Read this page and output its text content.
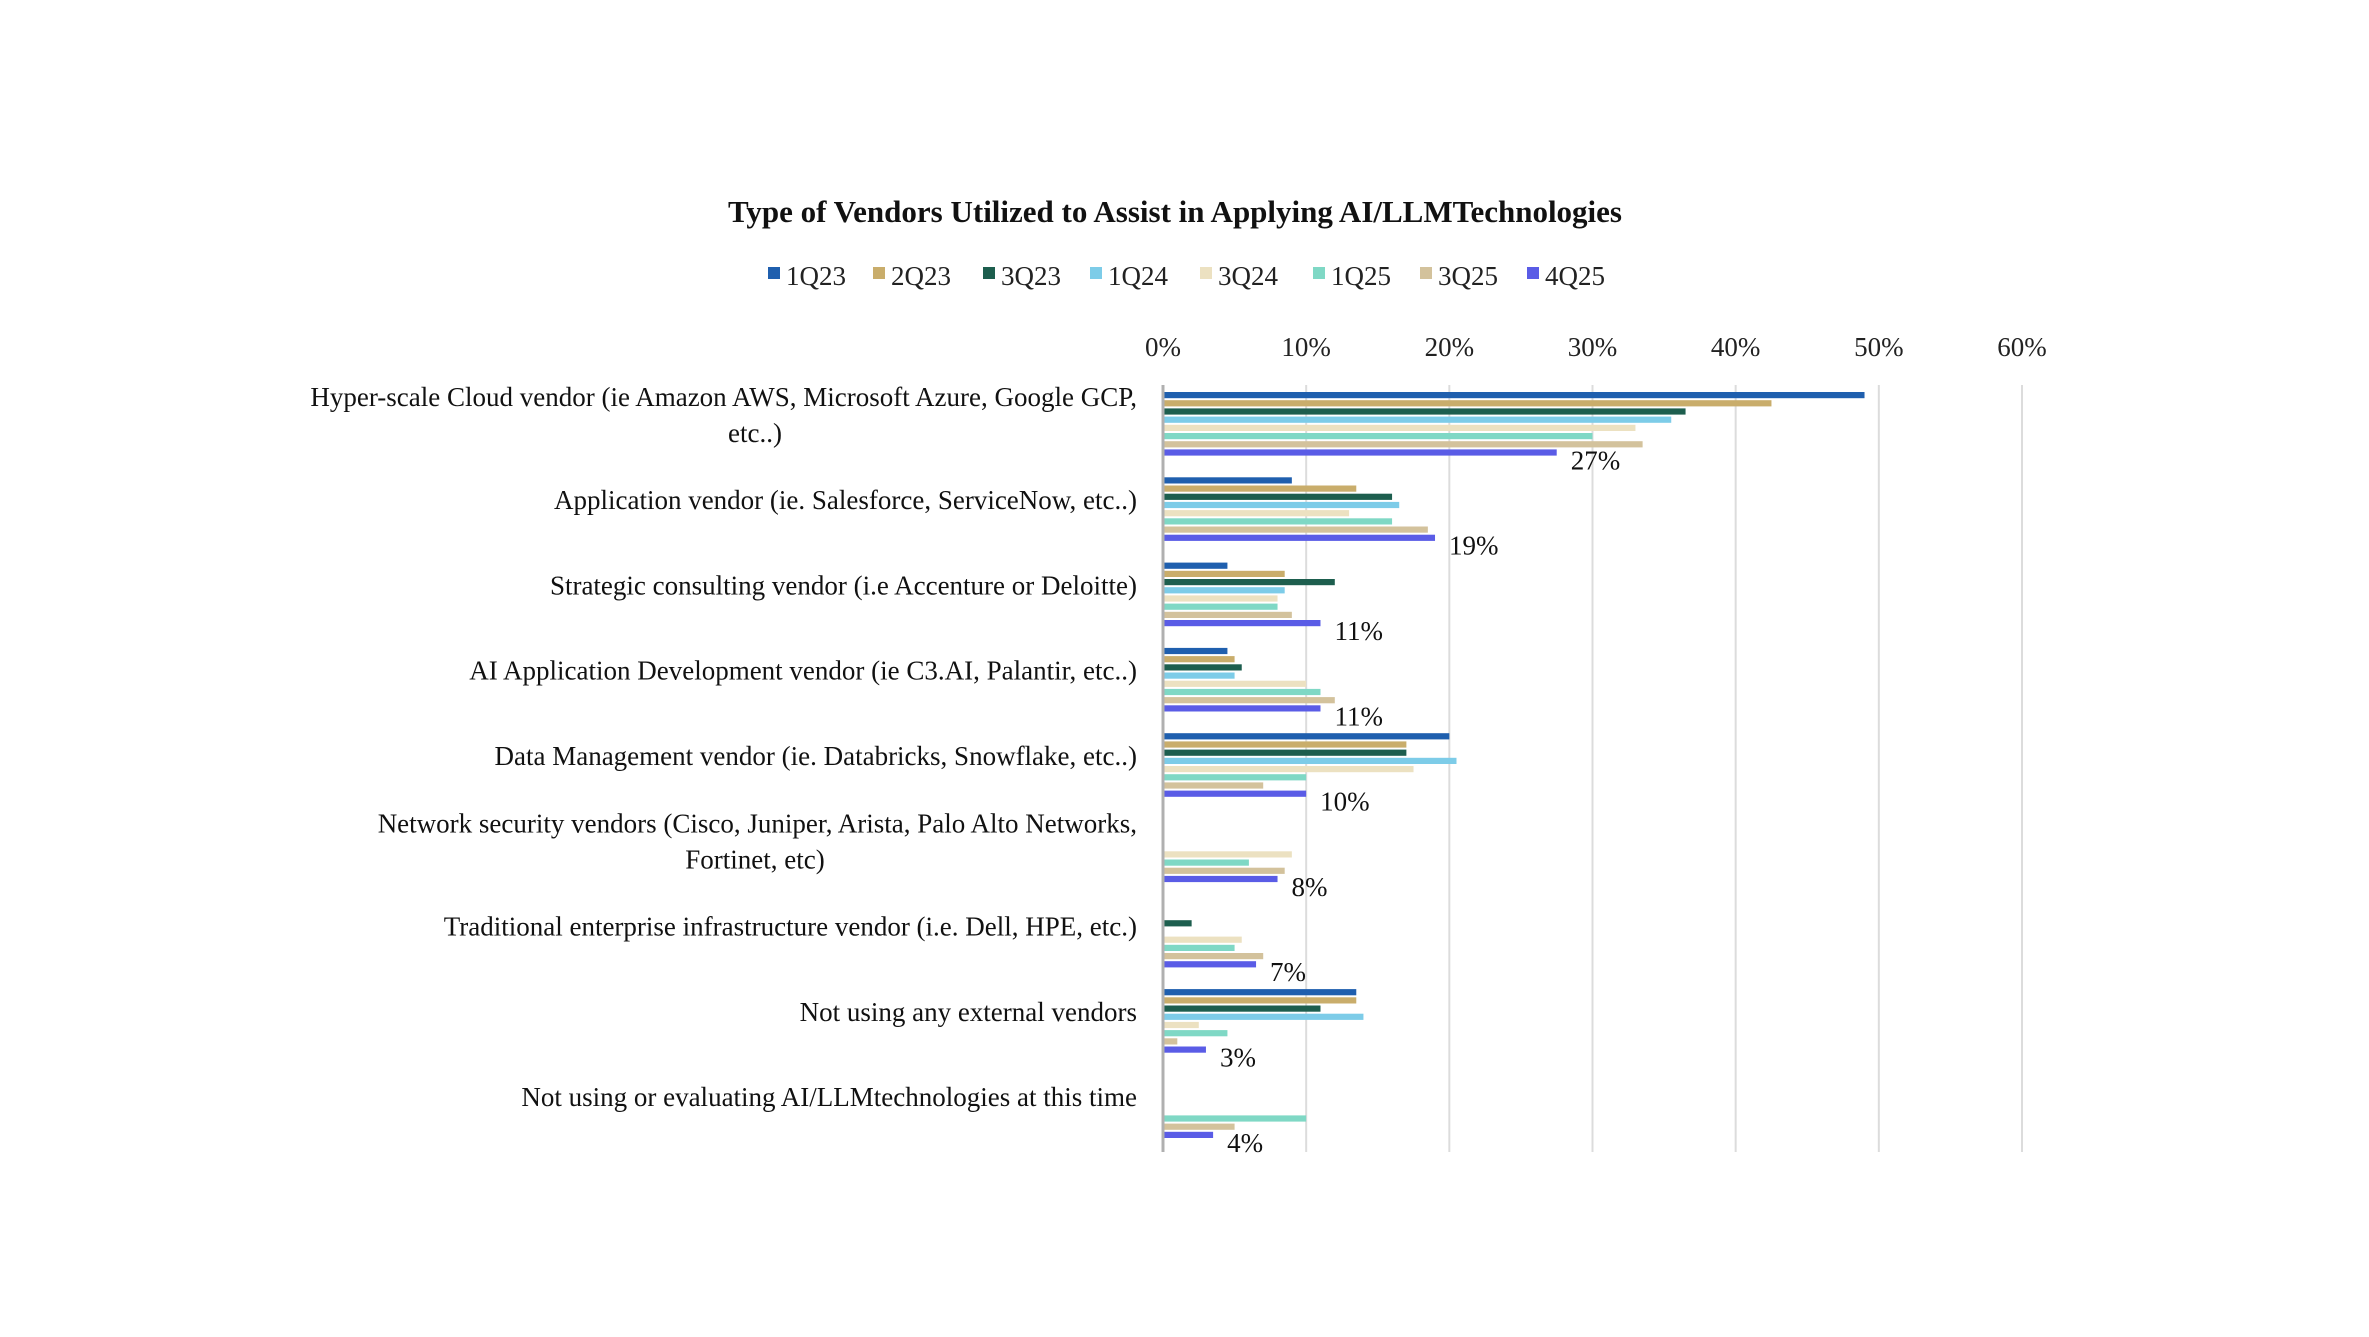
Type of Vendors Utilized to Assist in Applying AI/LLMTechnologies
1Q23 2Q23 3Q23 1Q24 3Q24 1Q25 3Q25 4Q25
0%	10%	20%	30%	40%	50%	60%
Hyper-scale Cloud vendor (ie Amazon AWS, Microsoft Azure, Google GCP,
etc..)
Application vendor (ie. Salesforce, ServiceNow, etc..)
Strategic consulting vendor (i.e Accenture or Deloitte)
AI Application Development vendor (ie C3.AI, Palantir, etc..)
Data Management vendor (ie. Databricks, Snowflake, etc..)
Network security vendors (Cisco, Juniper, Arista, Palo Alto Networks,
Fortinet, etc)
Traditional enterprise infrastructure vendor (i.e. Dell, HPE, etc.)
Not using any external vendors
Not using or evaluating AI/LLMtechnologies at this time
27%
19%
11%
11%
10%
8%
7%
3%
4%
